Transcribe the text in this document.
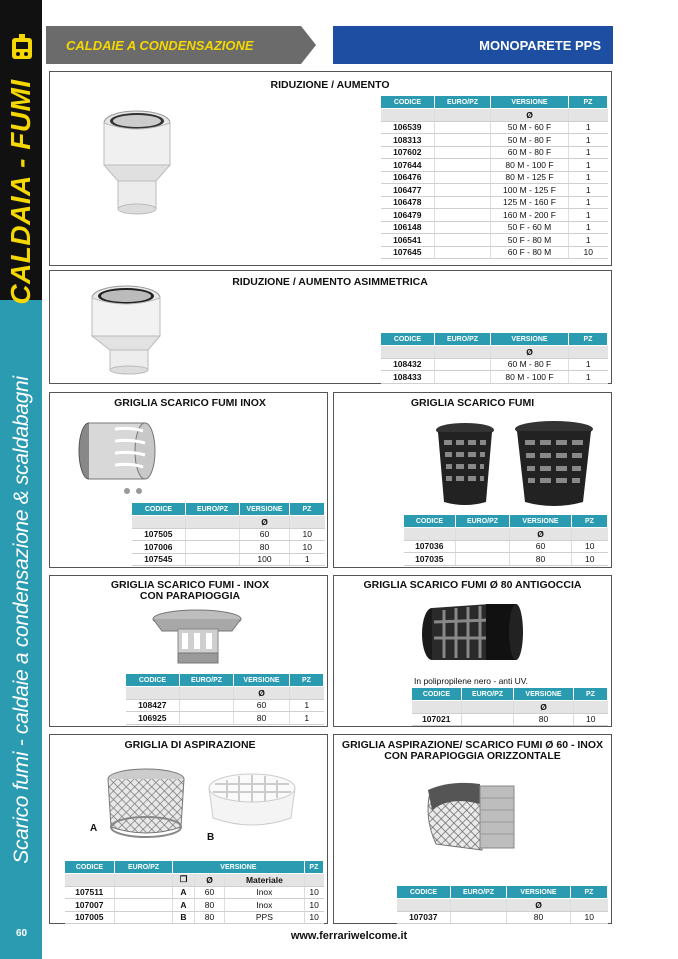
CALDAIA - FUMI
Scarico fumi - caldaie a condensazione & scaldabagni
60
CALDAIE A CONDENSAZIONE	MONOPARETE PPS
RIDUZIONE / AUMENTO
CODICE	EURO/PZ	VERSIONE	PZ
		Ø	
106539		50 M - 60 F	1
108313		50 M - 80 F	1
107602		60 M - 80 F	1
107644		80 M - 100 F	1
106476		80 M - 125 F	1
106477		100 M - 125 F	1
106478		125 M - 160 F	1
106479		160 M - 200 F	1
106148		50 F - 60 M	1
106541		50 F - 80 M	1
107645		60 F - 80 M	10
RIDUZIONE / AUMENTO ASIMMETRICA
CODICE	EURO/PZ	VERSIONE	PZ
		Ø	
108432		60 M - 80 F	1
108433		80 M - 100 F	1
GRIGLIA SCARICO FUMI INOX
CODICE	EURO/PZ	VERSIONE	PZ
		Ø	
107505		60	10
107006		80	10
107545		100	1
GRIGLIA SCARICO FUMI
CODICE	EURO/PZ	VERSIONE	PZ
		Ø	
107036		60	10
107035		80	10
GRIGLIA SCARICO FUMI - INOX
CON PARAPIOGGIA
CODICE	EURO/PZ	VERSIONE	PZ
		Ø	
108427		60	1
106925		80	1
GRIGLIA SCARICO FUMI Ø 80 ANTIGOCCIA
In polipropilene nero - anti UV.
CODICE	EURO/PZ	VERSIONE	PZ
		Ø	
107021		80	10
GRIGLIA DI ASPIRAZIONE
A
B
CODICE	EURO/PZ	VERSIONE			PZ
		❐	Ø	Materiale	
107511		A	60	Inox	10
107007		A	80	Inox	10
107005		B	80	PPS	10
GRIGLIA ASPIRAZIONE/ SCARICO FUMI Ø 60 - INOX
CON PARAPIOGGIA ORIZZONTALE
CODICE	EURO/PZ	VERSIONE	PZ
		Ø	
107037		80	10
www.ferrariwelcome.it
